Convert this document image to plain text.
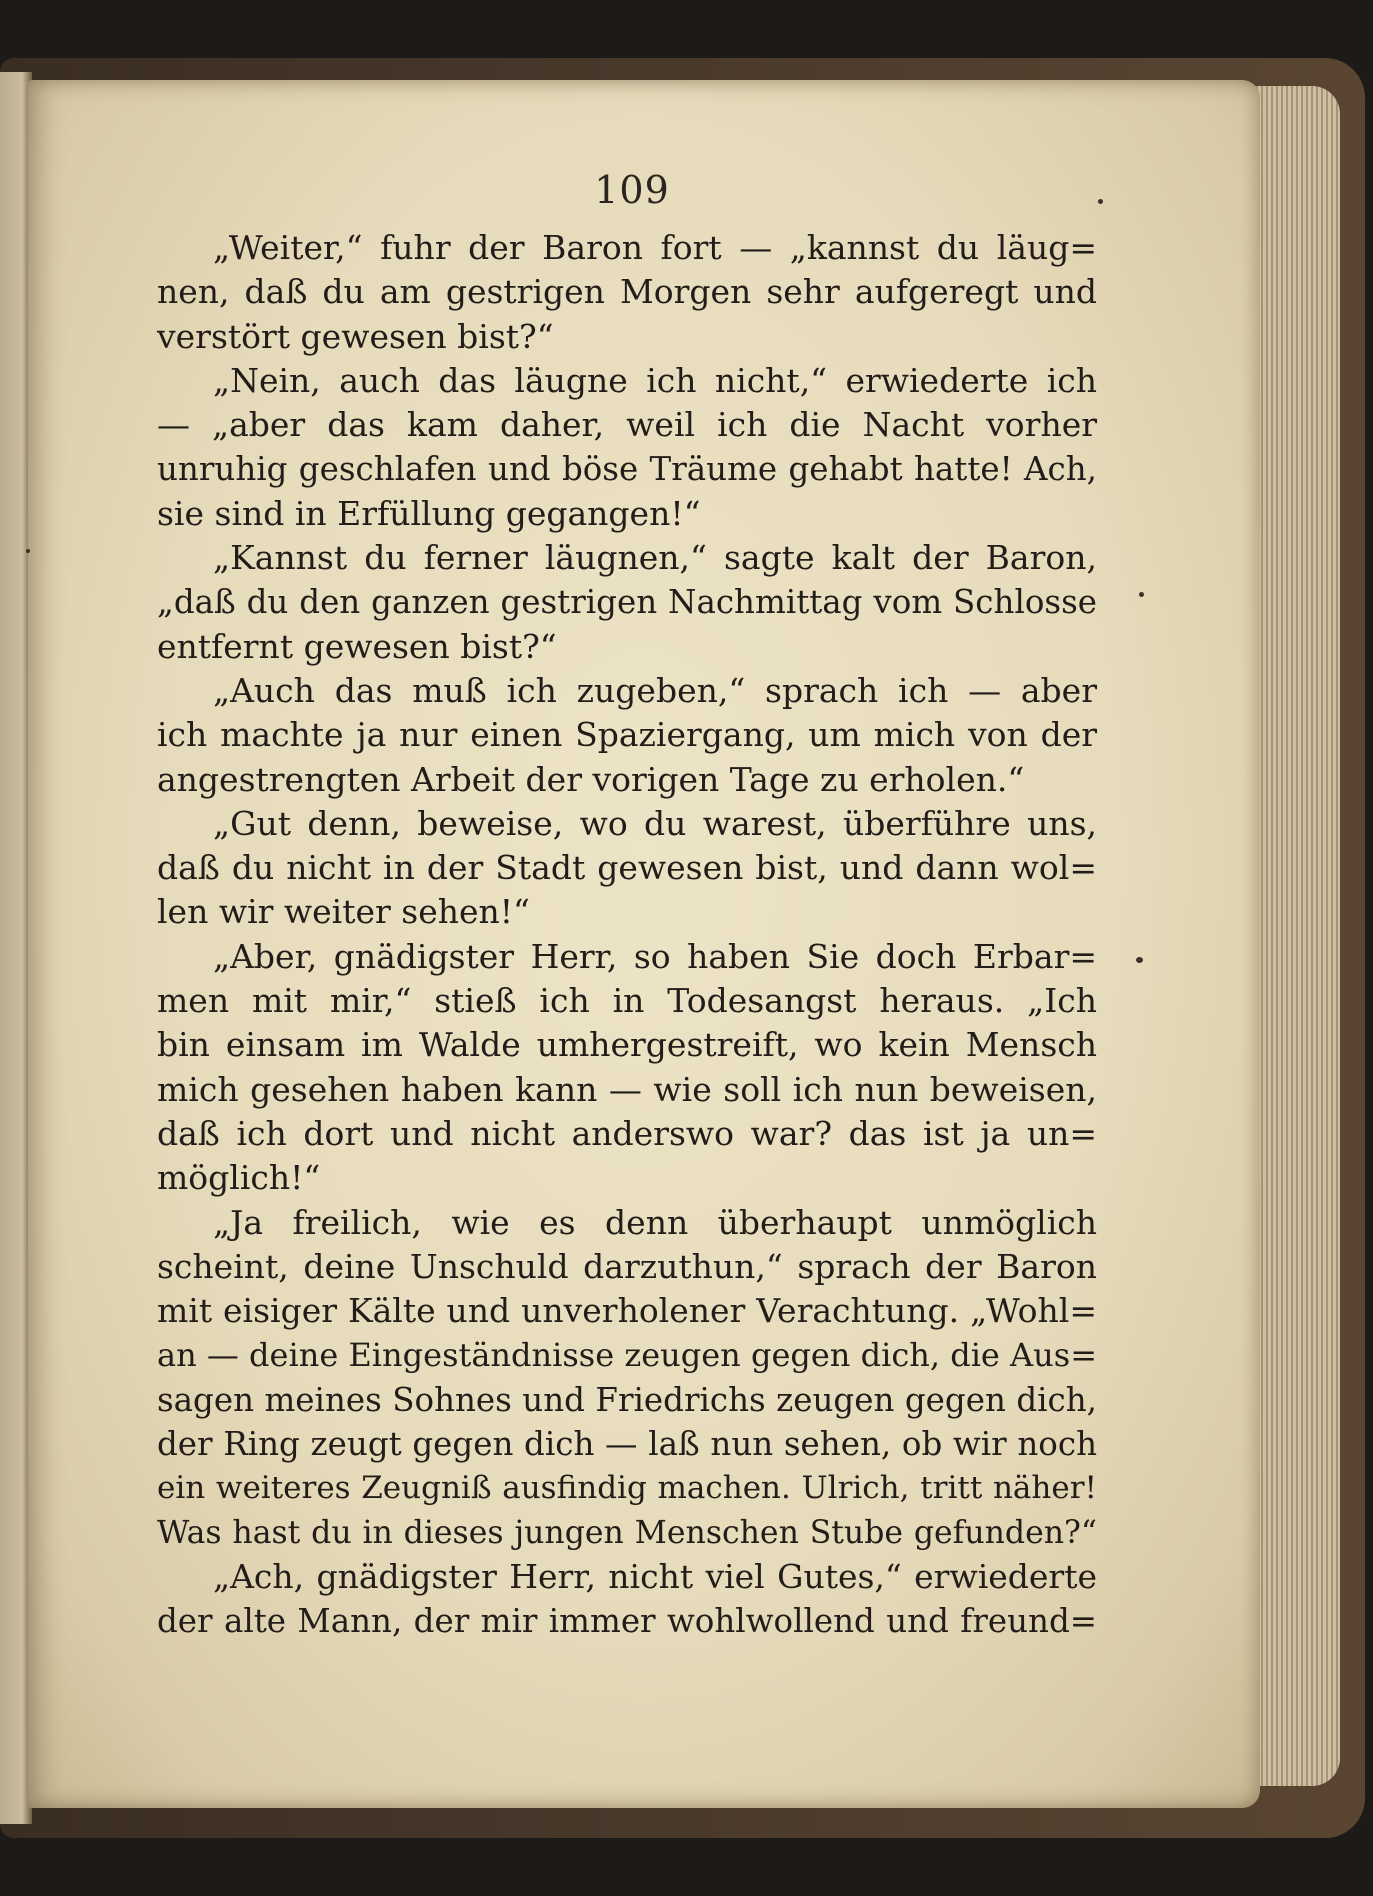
109
„Weiter,“ fuhr der Baron fort — „kannst du läug=
nen, daß du am gestrigen Morgen sehr aufgeregt und
verstört gewesen bist?“
„Nein, auch das läugne ich nicht,“ erwiederte ich
— „aber das kam daher, weil ich die Nacht vorher
unruhig geschlafen und böse Träume gehabt hatte! Ach,
sie sind in Erfüllung gegangen!“
„Kannst du ferner läugnen,“ sagte kalt der Baron,
„daß du den ganzen gestrigen Nachmittag vom Schlosse
entfernt gewesen bist?“
„Auch das muß ich zugeben,“ sprach ich — aber
ich machte ja nur einen Spaziergang, um mich von der
angestrengten Arbeit der vorigen Tage zu erholen.“
„Gut denn, beweise, wo du warest, überführe uns,
daß du nicht in der Stadt gewesen bist, und dann wol=
len wir weiter sehen!“
„Aber, gnädigster Herr, so haben Sie doch Erbar=
men mit mir,“ stieß ich in Todesangst heraus. „Ich
bin einsam im Walde umhergestreift, wo kein Mensch
mich gesehen haben kann — wie soll ich nun beweisen,
daß ich dort und nicht anderswo war? das ist ja un=
möglich!“
„Ja freilich, wie es denn überhaupt unmöglich
scheint, deine Unschuld darzuthun,“ sprach der Baron
mit eisiger Kälte und unverholener Verachtung. „Wohl=
an — deine Eingeständnisse zeugen gegen dich, die Aus=
sagen meines Sohnes und Friedrichs zeugen gegen dich,
der Ring zeugt gegen dich — laß nun sehen, ob wir noch
ein weiteres Zeugniß ausfindig machen. Ulrich, tritt näher!
Was hast du in dieses jungen Menschen Stube gefunden?“
„Ach, gnädigster Herr, nicht viel Gutes,“ erwiederte
der alte Mann, der mir immer wohlwollend und freund=
